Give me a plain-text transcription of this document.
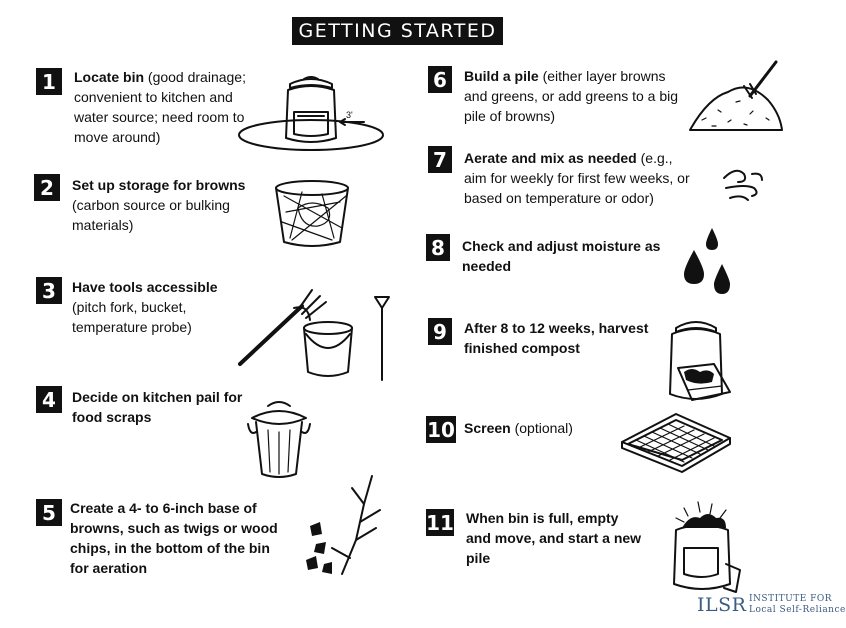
GETTING STARTED
1	Locate bin (good drainage; convenient to kitchen and water source; need room to move around)
3'
2	Set up storage for browns (carbon source or bulking materials)
3	Have tools accessible (pitch fork, bucket, temperature probe)
4	Decide on kitchen pail for food scraps
5	Create a 4- to 6-inch base of browns, such as twigs or wood chips, in the bottom of the bin for aeration
6	Build a pile (either layer browns and greens, or add greens to a big pile of browns)
7	Aerate and mix as needed (e.g., aim for weekly for first few weeks, or based on temperature or odor)
8	Check and adjust moisture as needed
9	After 8 to 12 weeks, harvest finished compost
10 Screen (optional)
11 When bin is full, empty and move, and start a new pile
ILSR INSTITUTE FOR
Local Self-Reliance
